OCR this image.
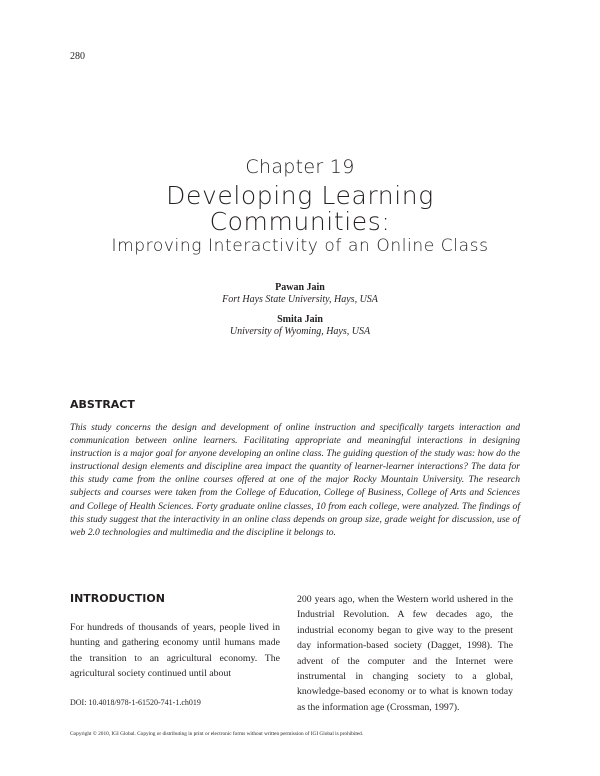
280
Chapter 19
Developing Learning
Communities:
Improving Interactivity of an Online Class
Pawan Jain
Fort Hays State University, Hays, USA
Smita Jain
University of Wyoming, Hays, USA
ABSTRACT
This study concerns the design and development of online instruction and specifically targets interaction and communication between online learners. Facilitating appropriate and meaningful interactions in designing instruction is a major goal for anyone developing an online class. The guiding question of the study was: how do the instructional design elements and discipline area impact the quantity of learner-learner interactions? The data for this study came from the online courses offered at one of the major Rocky Mountain University. The research subjects and courses were taken from the College of Education, College of Business, College of Arts and Sciences and College of Health Sciences. Forty graduate online classes, 10 from each college, were analyzed. The findings of this study suggest that the interactivity in an online class depends on group size, grade weight for discussion, use of web 2.0 technologies and multimedia and the discipline it belongs to.
INTRODUCTION
For hundreds of thousands of years, people lived in hunting and gathering economy until humans made the transition to an agricultural economy. The agricultural society continued until about
200 years ago, when the Western world ushered in the Industrial Revolution. A few decades ago, the industrial economy began to give way to the present day information-based society (Dagget, 1998). The advent of the computer and the Internet were instrumental in changing society to a global, knowledge-based economy or to what is known today as the information age (Crossman, 1997).
DOI: 10.4018/978-1-61520-741-1.ch019
Copyright © 2010, IGI Global. Copying or distributing in print or electronic forms without written permission of IGI Global is prohibited.
